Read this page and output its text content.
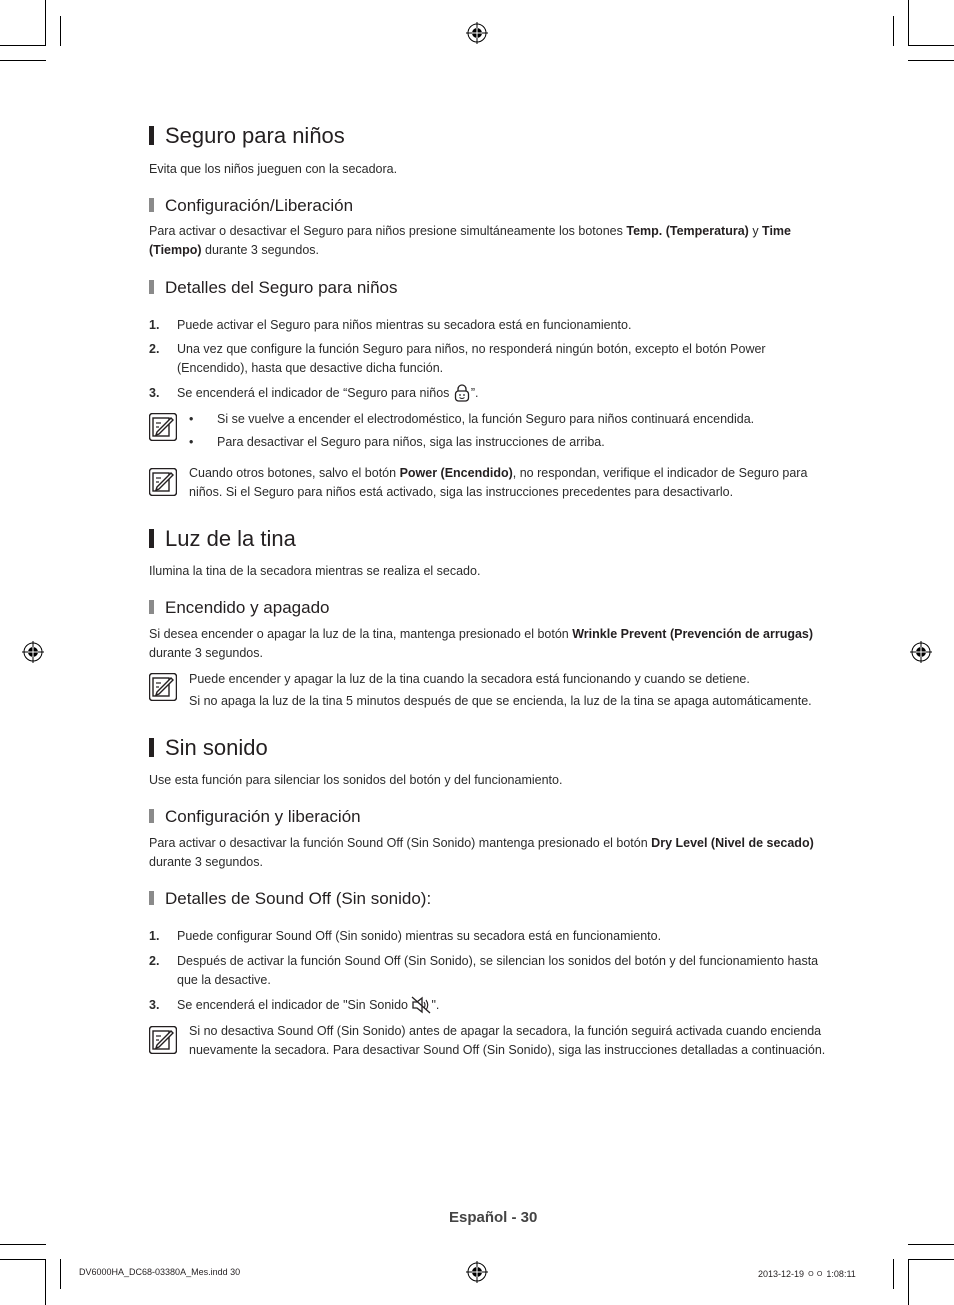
Seguro para niños
Evita que los niños jueguen con la secadora.
Configuración/Liberación
Para activar o desactivar el Seguro para niños presione simultáneamente los botones Temp. (Temperatura) y Time
(Tiempo) durante 3 segundos.
Detalles del Seguro para niños
1. Puede activar el Seguro para niños mientras su secadora está en funcionamiento.
2. Una vez que configure la función Seguro para niños, no responderá ningún botón, excepto el botón Power (Encendido), hasta que desactive dicha función.
3. Se encenderá el indicador de “Seguro para niños ”.
• Si se vuelve a encender el electrodoméstico, la función Seguro para niños continuará encendida.
• Para desactivar el Seguro para niños, siga las instrucciones de arriba.
Cuando otros botones, salvo el botón Power (Encendido), no respondan, verifique el indicador de Seguro para niños. Si el Seguro para niños está activado, siga las instrucciones precedentes para desactivarlo.
Luz de la tina
Ilumina la tina de la secadora mientras se realiza el secado.
Encendido y apagado
Si desea encender o apagar la luz de la tina, mantenga presionado el botón Wrinkle Prevent (Prevención de arrugas)
durante 3 segundos.
Puede encender y apagar la luz de la tina cuando la secadora está funcionando y cuando se detiene.
Si no apaga la luz de la tina 5 minutos después de que se encienda, la luz de la tina se apaga automáticamente.
Sin sonido
Use esta función para silenciar los sonidos del botón y del funcionamiento.
Configuración y liberación
Para activar o desactivar la función Sound Off (Sin Sonido) mantenga presionado el botón Dry Level (Nivel de secado)
durante 3 segundos.
Detalles de Sound Off (Sin sonido):
1. Puede configurar Sound Off (Sin sonido) mientras su secadora está en funcionamiento.
2. Después de activar la función Sound Off (Sin Sonido), se silencian los sonidos del botón y del funcionamiento hasta que la desactive.
3. Se encenderá el indicador de "Sin Sonido ".
Si no desactiva Sound Off (Sin Sonido) antes de apagar la secadora, la función seguirá activada cuando encienda nuevamente la secadora. Para desactivar Sound Off (Sin Sonido), siga las instrucciones detalladas a continuación.
Español - 30
DV6000HA_DC68-03380A_Mes.indd 30	2013-12-19 ㅇㅇ 1:08:11
